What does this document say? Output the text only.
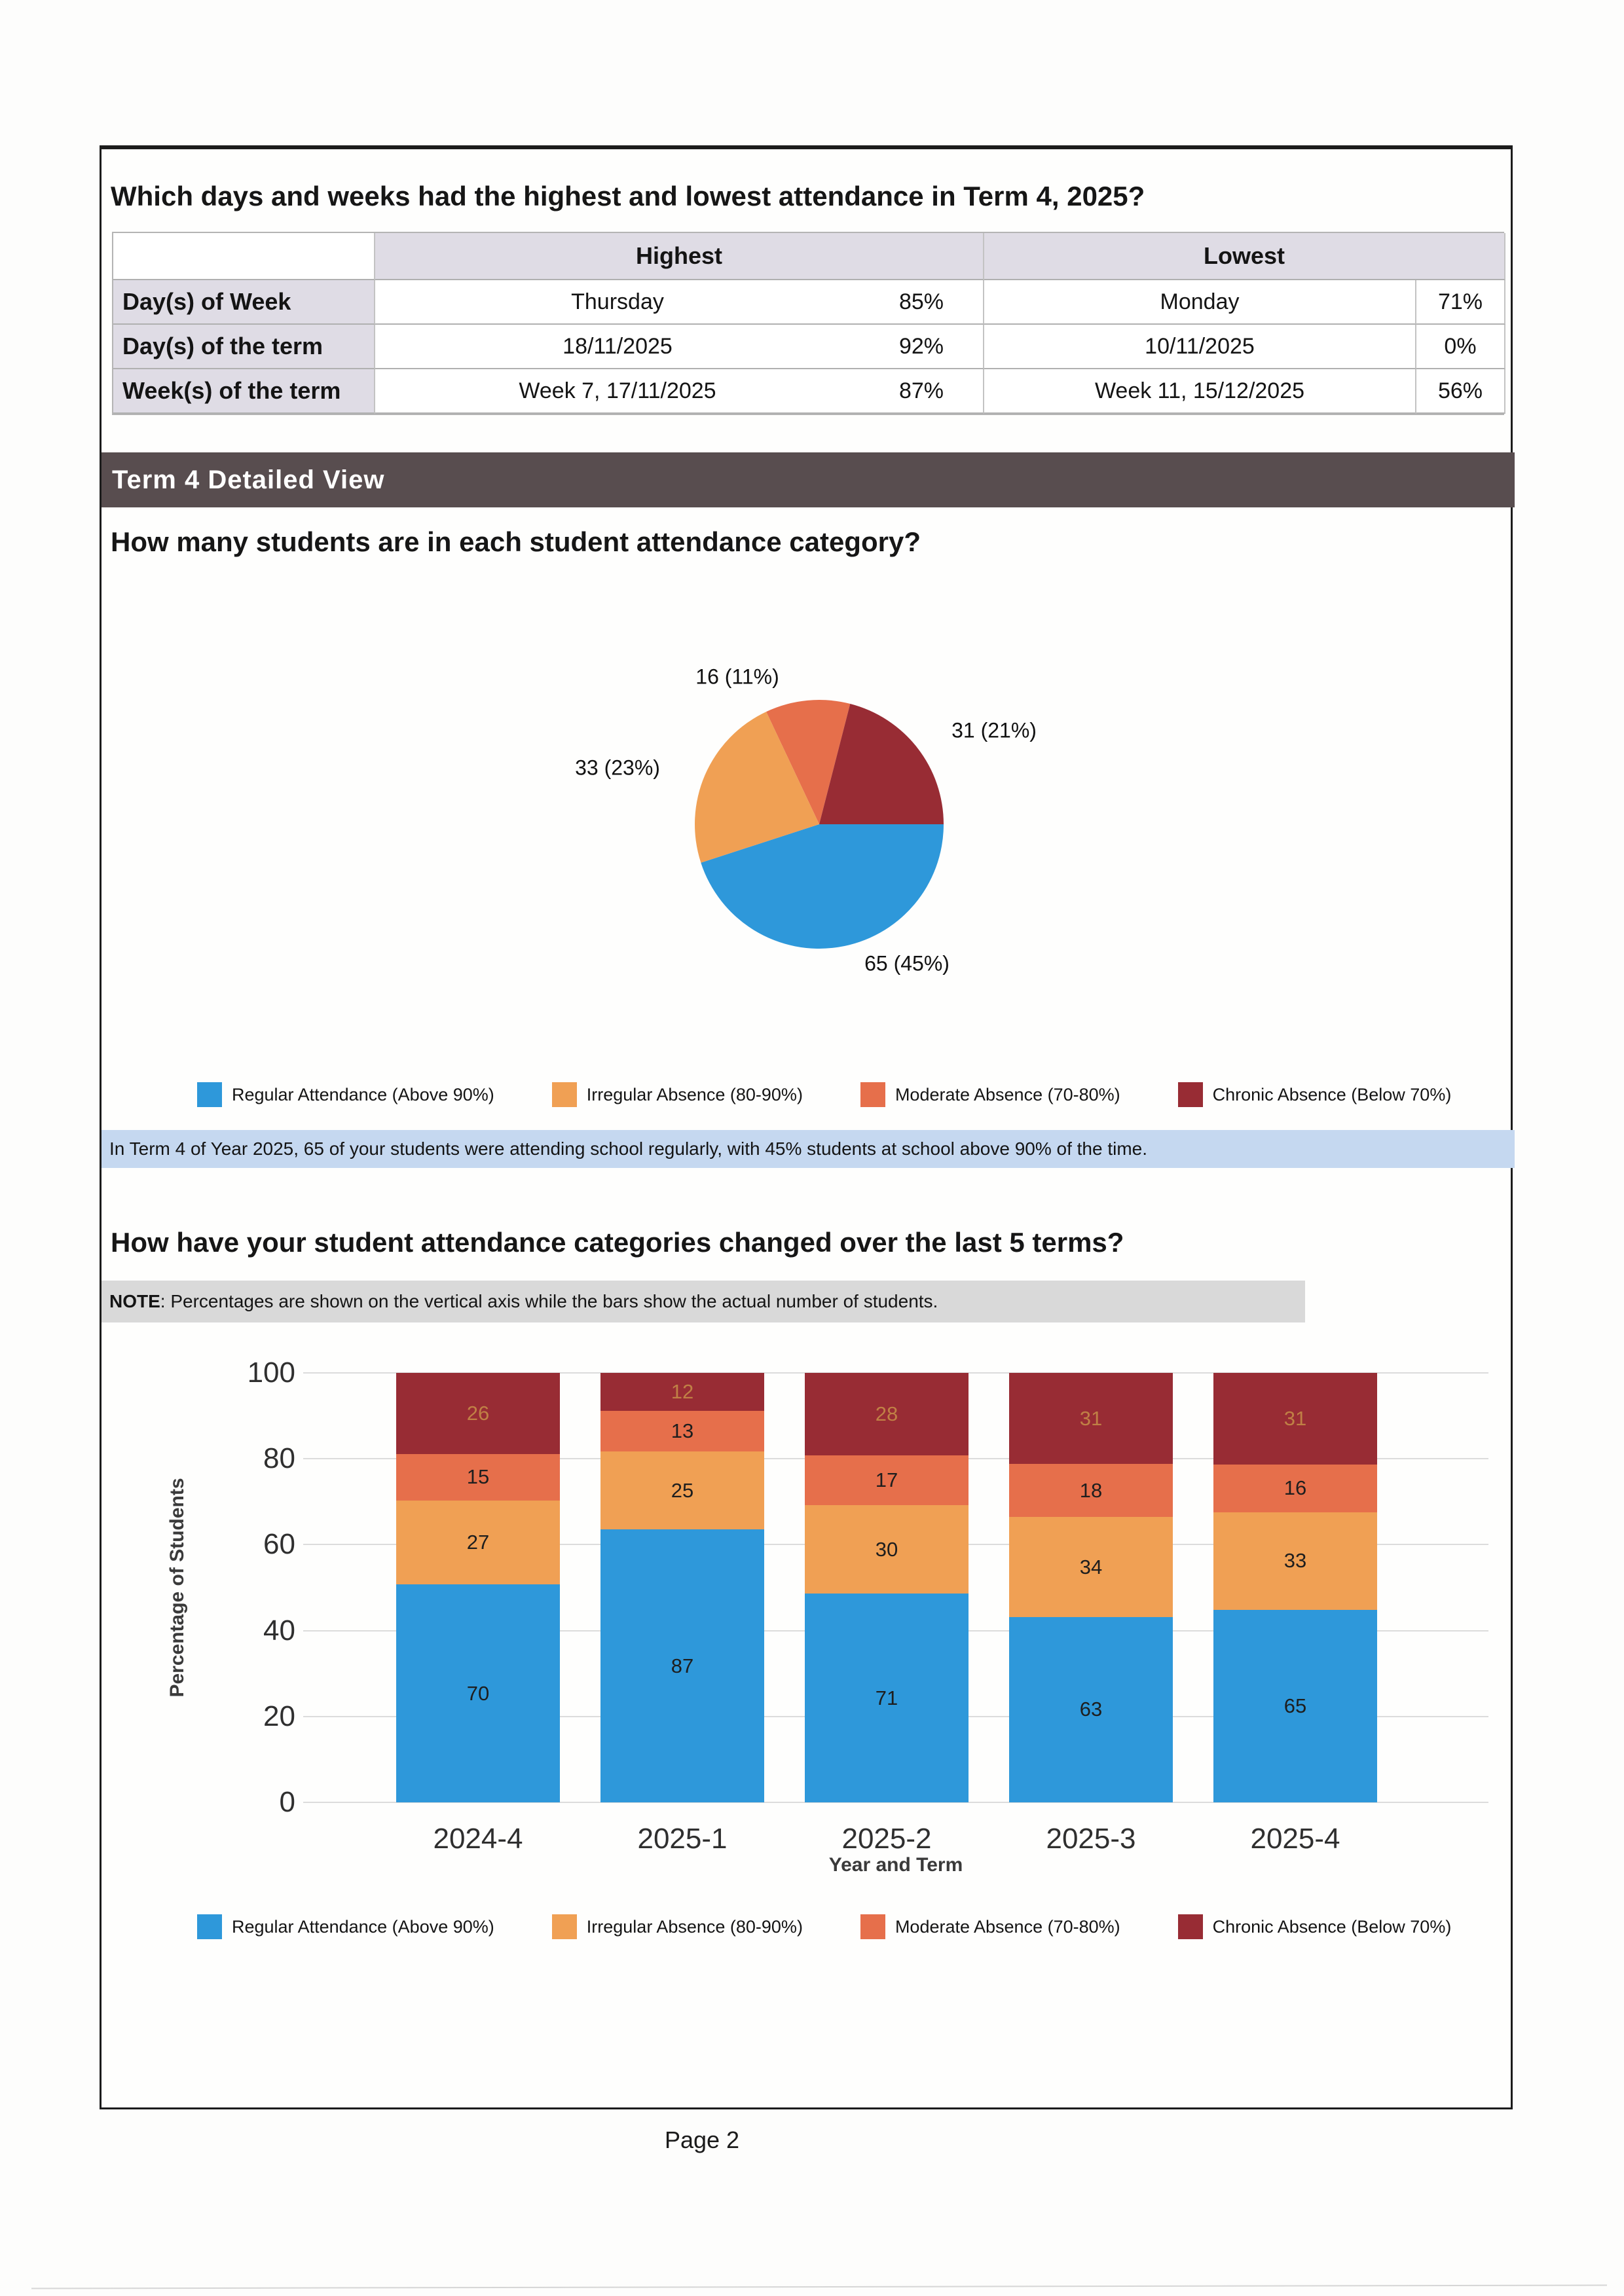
Which days and weeks had the highest and lowest attendance in Term 4, 2025?
Highest	Lowest
Day(s) of Week	Thursday	85%	Monday	71%
Day(s) of the term	18/11/2025	92%	10/11/2025	0%
Week(s) of the term	Week 7, 17/11/2025	87%	Week 11, 15/12/2025	56%
Term 4 Detailed View
How many students are in each student attendance category?
16 (11%)
31 (21%)
33 (23%)
65 (45%)
Regular Attendance (Above 90%)	Irregular Absence (80-90%)	Moderate Absence (70-80%)	Chronic Absence (Below 70%)
In Term 4 of Year 2025, 65 of your students were attending school regularly, with 45% students at school above 90% of the time.
How have your student attendance categories changed over the last 5 terms?
NOTE: Percentages are shown on the vertical axis while the bars show the actual number of students.
Percentage of Students	70
27
15
26
87
25
13
12
71
30
17
28
63
34
18
31
65
33
16
31
Year and Term
Regular Attendance (Above 90%)	Irregular Absence (80-90%)	Moderate Absence (70-80%)	Chronic Absence (Below 70%)
0
20
40
60
80
100
2024-4	2025-1	2025-2	2025-3	2025-4
Page 2
